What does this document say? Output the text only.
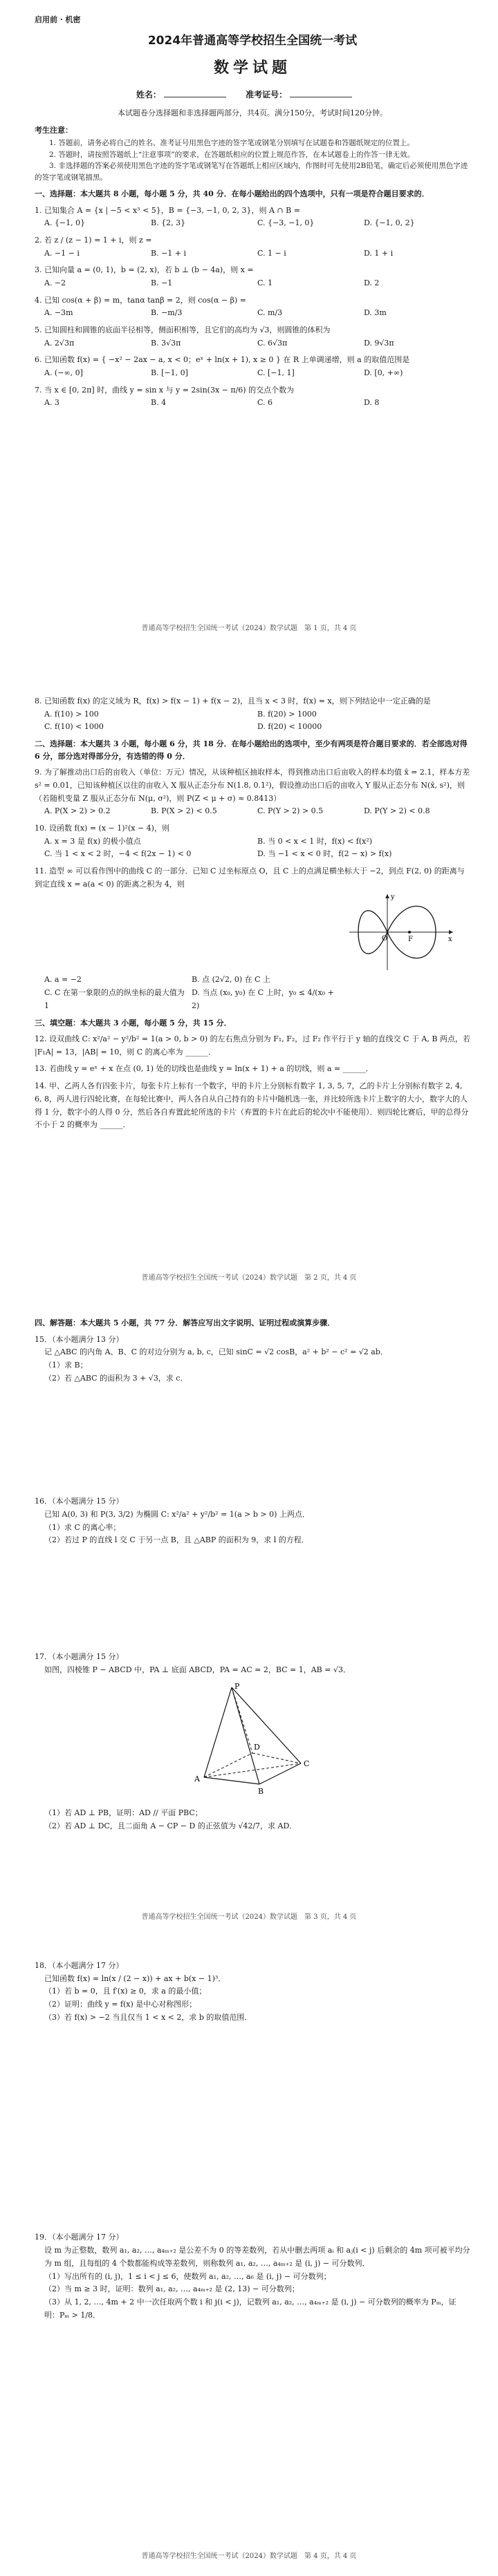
启用前 · 机密
2024年普通高等学校招生全国统一考试
数学试题
姓名：	准考证号：
本试题卷分选择题和非选择题两部分，共4页。满分150分，考试时间120分钟。
考生注意：
1. 答题前，请务必将自己的姓名、准考证号用黑色字迹的签字笔或钢笔分别填写在试题卷和答题纸规定的位置上。
2. 答题时，请按照答题纸上“注意事项”的要求，在答题纸相应的位置上规范作答，在本试题卷上的作答一律无效。
3. 非选择题的答案必须使用黑色字迹的签字笔或钢笔写在答题纸上相应区域内，作图时可先使用2B铅笔，确定后必须使用黑色字迹的签字笔或钢笔描黑。
一、选择题：本大题共 8 小题，每小题 5 分，共 40 分．在每小题给出的四个选项中，只有一项是符合题目要求的．
1. 已知集合 A = {x | −5 < x³ < 5}，B = {−3, −1, 0, 2, 3}，则 A ∩ B =
A. {−1, 0}	B. {2, 3}	C. {−3, −1, 0}	D. {−1, 0, 2}
2. 若 z / (z − 1) = 1 + i，则 z =
A. −1 − i	B. −1 + i	C. 1 − i	D. 1 + i
3. 已知向量 a = (0, 1)，b = (2, x)，若 b ⊥ (b − 4a)，则 x =
A. −2	B. −1	C. 1	D. 2
4. 已知 cos(α + β) = m，tanα tanβ = 2，则 cos(α − β) =
A. −3m	B. −m/3	C. m/3	D. 3m
5. 已知圆柱和圆锥的底面半径相等，侧面积相等，且它们的高均为 √3，则圆锥的体积为
A. 2√3π	B. 3√3π	C. 6√3π	D. 9√3π
6. 已知函数 f(x) = { −x² − 2ax − a, x < 0；eˣ + ln(x + 1), x ≥ 0 } 在 R 上单调递增，则 a 的取值范围是
A. (−∞, 0]	B. [−1, 0]	C. [−1, 1]	D. [0, +∞)
7. 当 x ∈ [0, 2π] 时，曲线 y = sin x 与 y = 2sin(3x − π/6) 的交点个数为
A. 3	B. 4	C. 6	D. 8
普通高等学校招生全国统一考试（2024）数学试题　第 1 页，共 4 页
8. 已知函数 f(x) 的定义域为 R，f(x) > f(x − 1) + f(x − 2)，且当 x < 3 时，f(x) = x，则下列结论中一定正确的是
A. f(10) > 100	B. f(20) > 1000
C. f(10) < 1000	D. f(20) < 10000
二、选择题：本大题共 3 小题，每小题 6 分，共 18 分．在每小题给出的选项中，至少有两项是符合题目要求的．若全部选对得 6 分，部分选对得部分分，有选错的得 0 分．
9. 为了解推动出口后的亩收入（单位：万元）情况，从该种植区抽取样本，得到推动出口后亩收入的样本均值 x̄ = 2.1，样本方差 s² = 0.01，已知该种植区以往的亩收入 X 服从正态分布 N(1.8, 0.1²)，假设推动出口后的亩收入 Y 服从正态分布 N(x̄, s²)，则（若随机变量 Z 服从正态分布 N(μ, σ²)，则 P(Z < μ + σ) ≈ 0.8413）
A. P(X > 2) > 0.2	B. P(X > 2) < 0.5	C. P(Y > 2) > 0.5	D. P(Y > 2) < 0.8
10. 设函数 f(x) = (x − 1)²(x − 4)，则
A. x = 3 是 f(x) 的极小值点	B. 当 0 < x < 1 时，f(x) < f(x²)
C. 当 1 < x < 2 时，−4 < f(2x − 1) < 0	D. 当 −1 < x < 0 时，f(2 − x) > f(x)
11. 造型 ∞ 可以看作图中的曲线 C 的一部分．已知 C 过坐标原点 O，且 C 上的点满足横坐标大于 −2，到点 F(2, 0) 的距离与到定直线 x = a(a < 0) 的距离之积为 4，则
O	F	x
y
A. a = −2	B. 点 (2√2, 0) 在 C 上
C. C 在第一象限的点的纵坐标的最大值为 1
D. 当点 (x₀, y₀) 在 C 上时，y₀ ≤ 4/(x₀ + 2)
三、填空题：本大题共 3 小题，每小题 5 分，共 15 分．
12. 设双曲线 C: x²/a² − y²/b² = 1(a > 0, b > 0) 的左右焦点分别为 F₁, F₂，过 F₂ 作平行于 y 轴的直线交 C 于 A, B 两点，若 |F₁A| = 13，|AB| = 10，则 C 的离心率为 ______．
13. 若曲线 y = eˣ + x 在点 (0, 1) 处的切线也是曲线 y = ln(x + 1) + a 的切线，则 a = ______．
14. 甲、乙两人各有四张卡片，每张卡片上标有一个数字，甲的卡片上分别标有数字 1, 3, 5, 7，乙的卡片上分别标有数字 2, 4, 6, 8，两人进行四轮比赛，在每轮比赛中，两人各自从自己持有的卡片中随机选一张，并比较所选卡片上数字的大小，数字大的人得 1 分，数字小的人得 0 分，然后各自弃置此轮所选的卡片（弃置的卡片在此后的轮次中不能使用）．则四轮比赛后，甲的总得分不小于 2 的概率为 ______．
普通高等学校招生全国统一考试（2024）数学试题　第 2 页，共 4 页
四、解答题：本大题共 5 小题，共 77 分．解答应写出文字说明、证明过程或演算步骤．
15．（本小题满分 13 分）
记 △ABC 的内角 A、B、C 的对边分别为 a, b, c，已知 sinC = √2 cosB，a² + b² − c² = √2 ab．
（1）求 B；
（2）若 △ABC 的面积为 3 + √3，求 c．
16．（本小题满分 15 分）
已知 A(0, 3) 和 P(3, 3/2) 为椭圆 C: x²/a² + y²/b² = 1(a > b > 0) 上两点．
（1）求 C 的离心率；
（2）若过 P 的直线 l 交 C 于另一点 B，且 △ABP 的面积为 9，求 l 的方程．
17．（本小题满分 15 分）
如图，四棱锥 P − ABCD 中，PA ⊥ 底面 ABCD，PA = AC = 2，BC = 1，AB = √3．
P
A
B
C
D
（1）若 AD ⊥ PB，证明：AD // 平面 PBC；
（2）若 AD ⊥ DC，且二面角 A − CP − D 的正弦值为 √42/7，求 AD．
普通高等学校招生全国统一考试（2024）数学试题　第 3 页，共 4 页
18．（本小题满分 17 分）
已知函数 f(x) = ln(x / (2 − x)) + ax + b(x − 1)³．
（1）若 b = 0，且 f′(x) ≥ 0，求 a 的最小值；
（2）证明：曲线 y = f(x) 是中心对称图形；
（3）若 f(x) > −2 当且仅当 1 < x < 2，求 b 的取值范围．
19．（本小题满分 17 分）
设 m 为正整数，数列 a₁, a₂, …, a₄ₘ₊₂ 是公差不为 0 的等差数列，若从中删去两项 aᵢ 和 aⱼ(i < j) 后剩余的 4m 项可被平均分为 m 组，且每组的 4 个数都能构成等差数列，则称数列 a₁, a₂, …, a₄ₘ₊₂ 是 (i, j) − 可分数列．
（1）写出所有的 (i, j)，1 ≤ i < j ≤ 6，使数列 a₁, a₂, …, a₆ 是 (i, j) − 可分数列；
（2）当 m ≥ 3 时，证明：数列 a₁, a₂, …, a₄ₘ₊₂ 是 (2, 13) − 可分数列；
（3）从 1, 2, …, 4m + 2 中一次任取两个数 i 和 j(i < j)，记数列 a₁, a₂, …, a₄ₘ₊₂ 是 (i, j) − 可分数列的概率为 Pₘ，证明：Pₘ > 1/8．
普通高等学校招生全国统一考试（2024）数学试题　第 4 页，共 4 页
